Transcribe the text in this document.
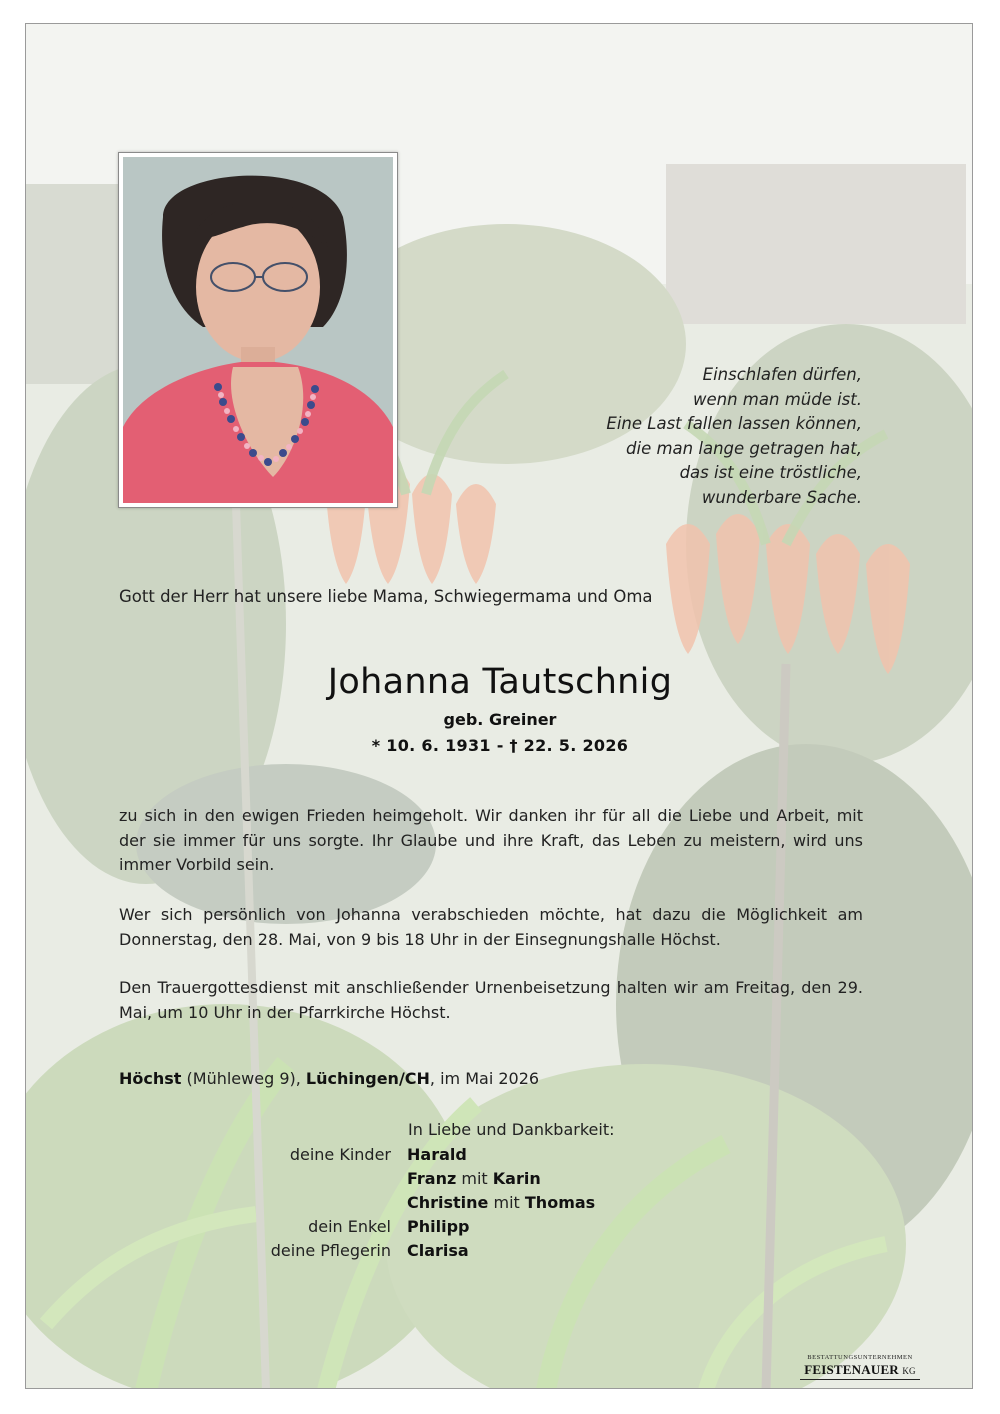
Einschlafen dürfen,
wenn man müde ist.
Eine Last fallen lassen können,
die man lange getragen hat,
das ist eine tröstliche,
wunderbare Sache.
Gott der Herr hat unsere liebe Mama, Schwiegermama und Oma
Johanna Tautschnig
geb. Greiner
* 10. 6. 1931 - † 22. 5. 2026

zu sich in den ewigen Frieden heimgeholt. Wir danken ihr für all die Liebe und Arbeit, mit der sie immer für uns sorgte. Ihr Glaube und ihre Kraft, das Leben zu meistern, wird uns immer Vorbild sein.

Wer sich persönlich von Johanna verabschieden möchte, hat dazu die Möglichkeit am Donnerstag, den 28. Mai, von 9 bis 18 Uhr in der Einsegnungshalle Höchst.

Den Trauergottesdienst mit anschließender Urnenbeisetzung halten wir am Freitag, den 29. Mai, um 10 Uhr in der Pfarrkirche Höchst.

Höchst (Mühleweg 9), Lüchingen/CH, im Mai 2026
In Liebe und Dankbarkeit:
deine Kinder Harald
Franz mit Karin
Christine mit Thomas
dein Enkel Philipp
deine Pflegerin Clarisa
BESTATTUNGSUNTERNEHMEN
FEISTENAUER KG
